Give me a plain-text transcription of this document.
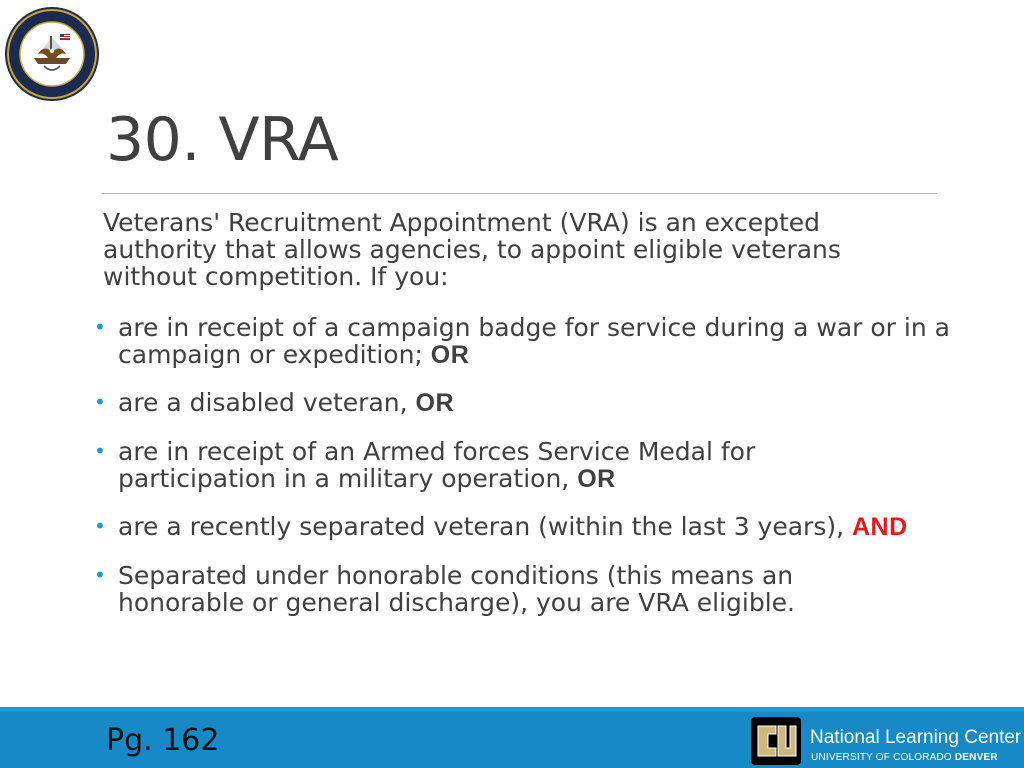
30. VRA
Veterans' Recruitment Appointment (VRA) is an excepted authority that allows agencies, to appoint eligible veterans without competition. If you:
• are in receipt of a campaign badge for service during a war or in a campaign or expedition; OR
• are a disabled veteran, OR
• are in receipt of an Armed forces Service Medal for participation in a military operation, OR
• are a recently separated veteran (within the last 3 years), AND
• Separated under honorable conditions (this means an honorable or general discharge), you are VRA eligible.
Pg. 162	National Learning Center
UNIVERSITY OF COLORADO DENVER
